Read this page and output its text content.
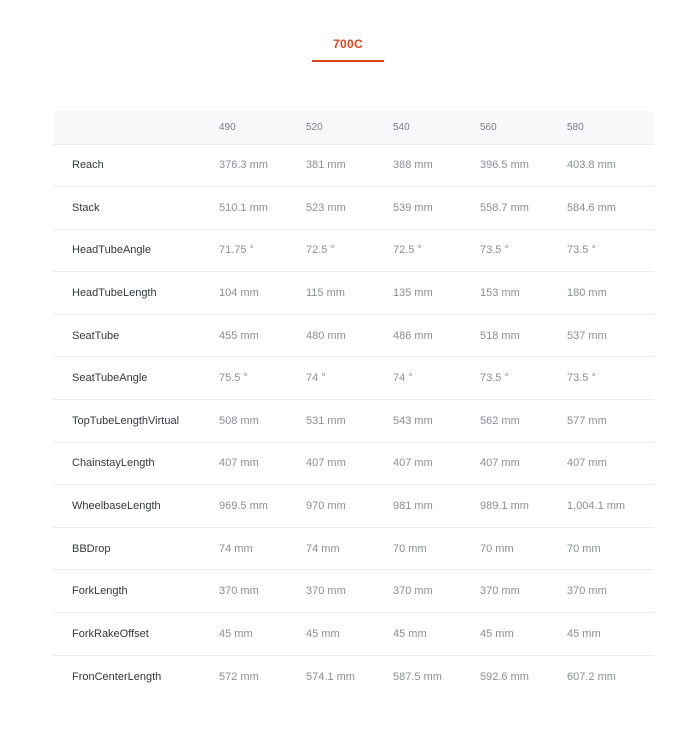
700C
	490	520	540	560	580
Reach	376.3 mm	381 mm	388 mm	396.5 mm	403.8 mm
Stack	510.1 mm	523 mm	539 mm	558.7 mm	584.6 mm
HeadTubeAngle	71.75 °	72.5 °	72.5 °	73.5 °	73.5 °
HeadTubeLength	104 mm	115 mm	135 mm	153 mm	180 mm
SeatTube	455 mm	480 mm	486 mm	518 mm	537 mm
SeatTubeAngle	75.5 °	74 °	74 °	73.5 °	73.5 °
TopTubeLengthVirtual	508 mm	531 mm	543 mm	562 mm	577 mm
ChainstayLength	407 mm	407 mm	407 mm	407 mm	407 mm
WheelbaseLength	969.5 mm	970 mm	981 mm	989.1 mm	1,004.1 mm
BBDrop	74 mm	74 mm	70 mm	70 mm	70 mm
ForkLength	370 mm	370 mm	370 mm	370 mm	370 mm
ForkRakeOffset	45 mm	45 mm	45 mm	45 mm	45 mm
FronCenterLength	572 mm	574.1 mm	587.5 mm	592.6 mm	607.2 mm
